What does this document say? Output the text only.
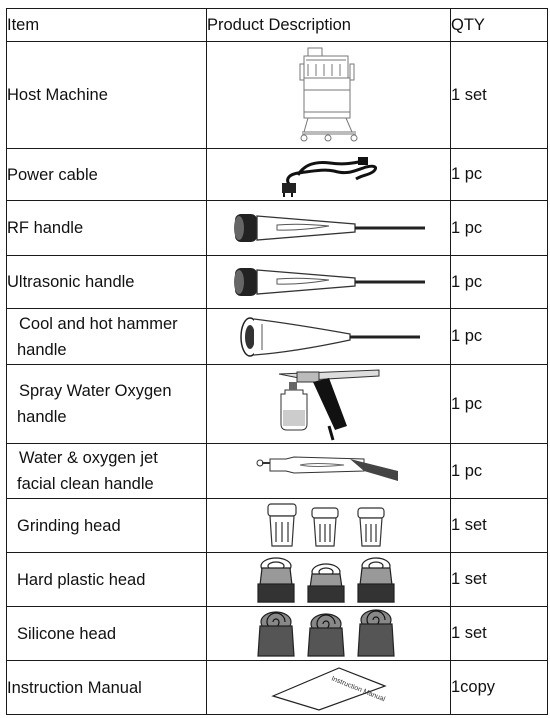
Item	Product Description	QTY
Host Machine		1 set
Power cable		1 pc
RF handle		1 pc
Ultrasonic handle		1 pc

Cool and hot hammer
handle		1 pc

Spray Water Oxygen
handle		1 pc

Water & oxygen jet
facial clean handle		1 pc
Grinding head		1 set
Hard plastic head		1 set
Silicone head		1 set
Instruction Manual	Instruction Manual	1copy
